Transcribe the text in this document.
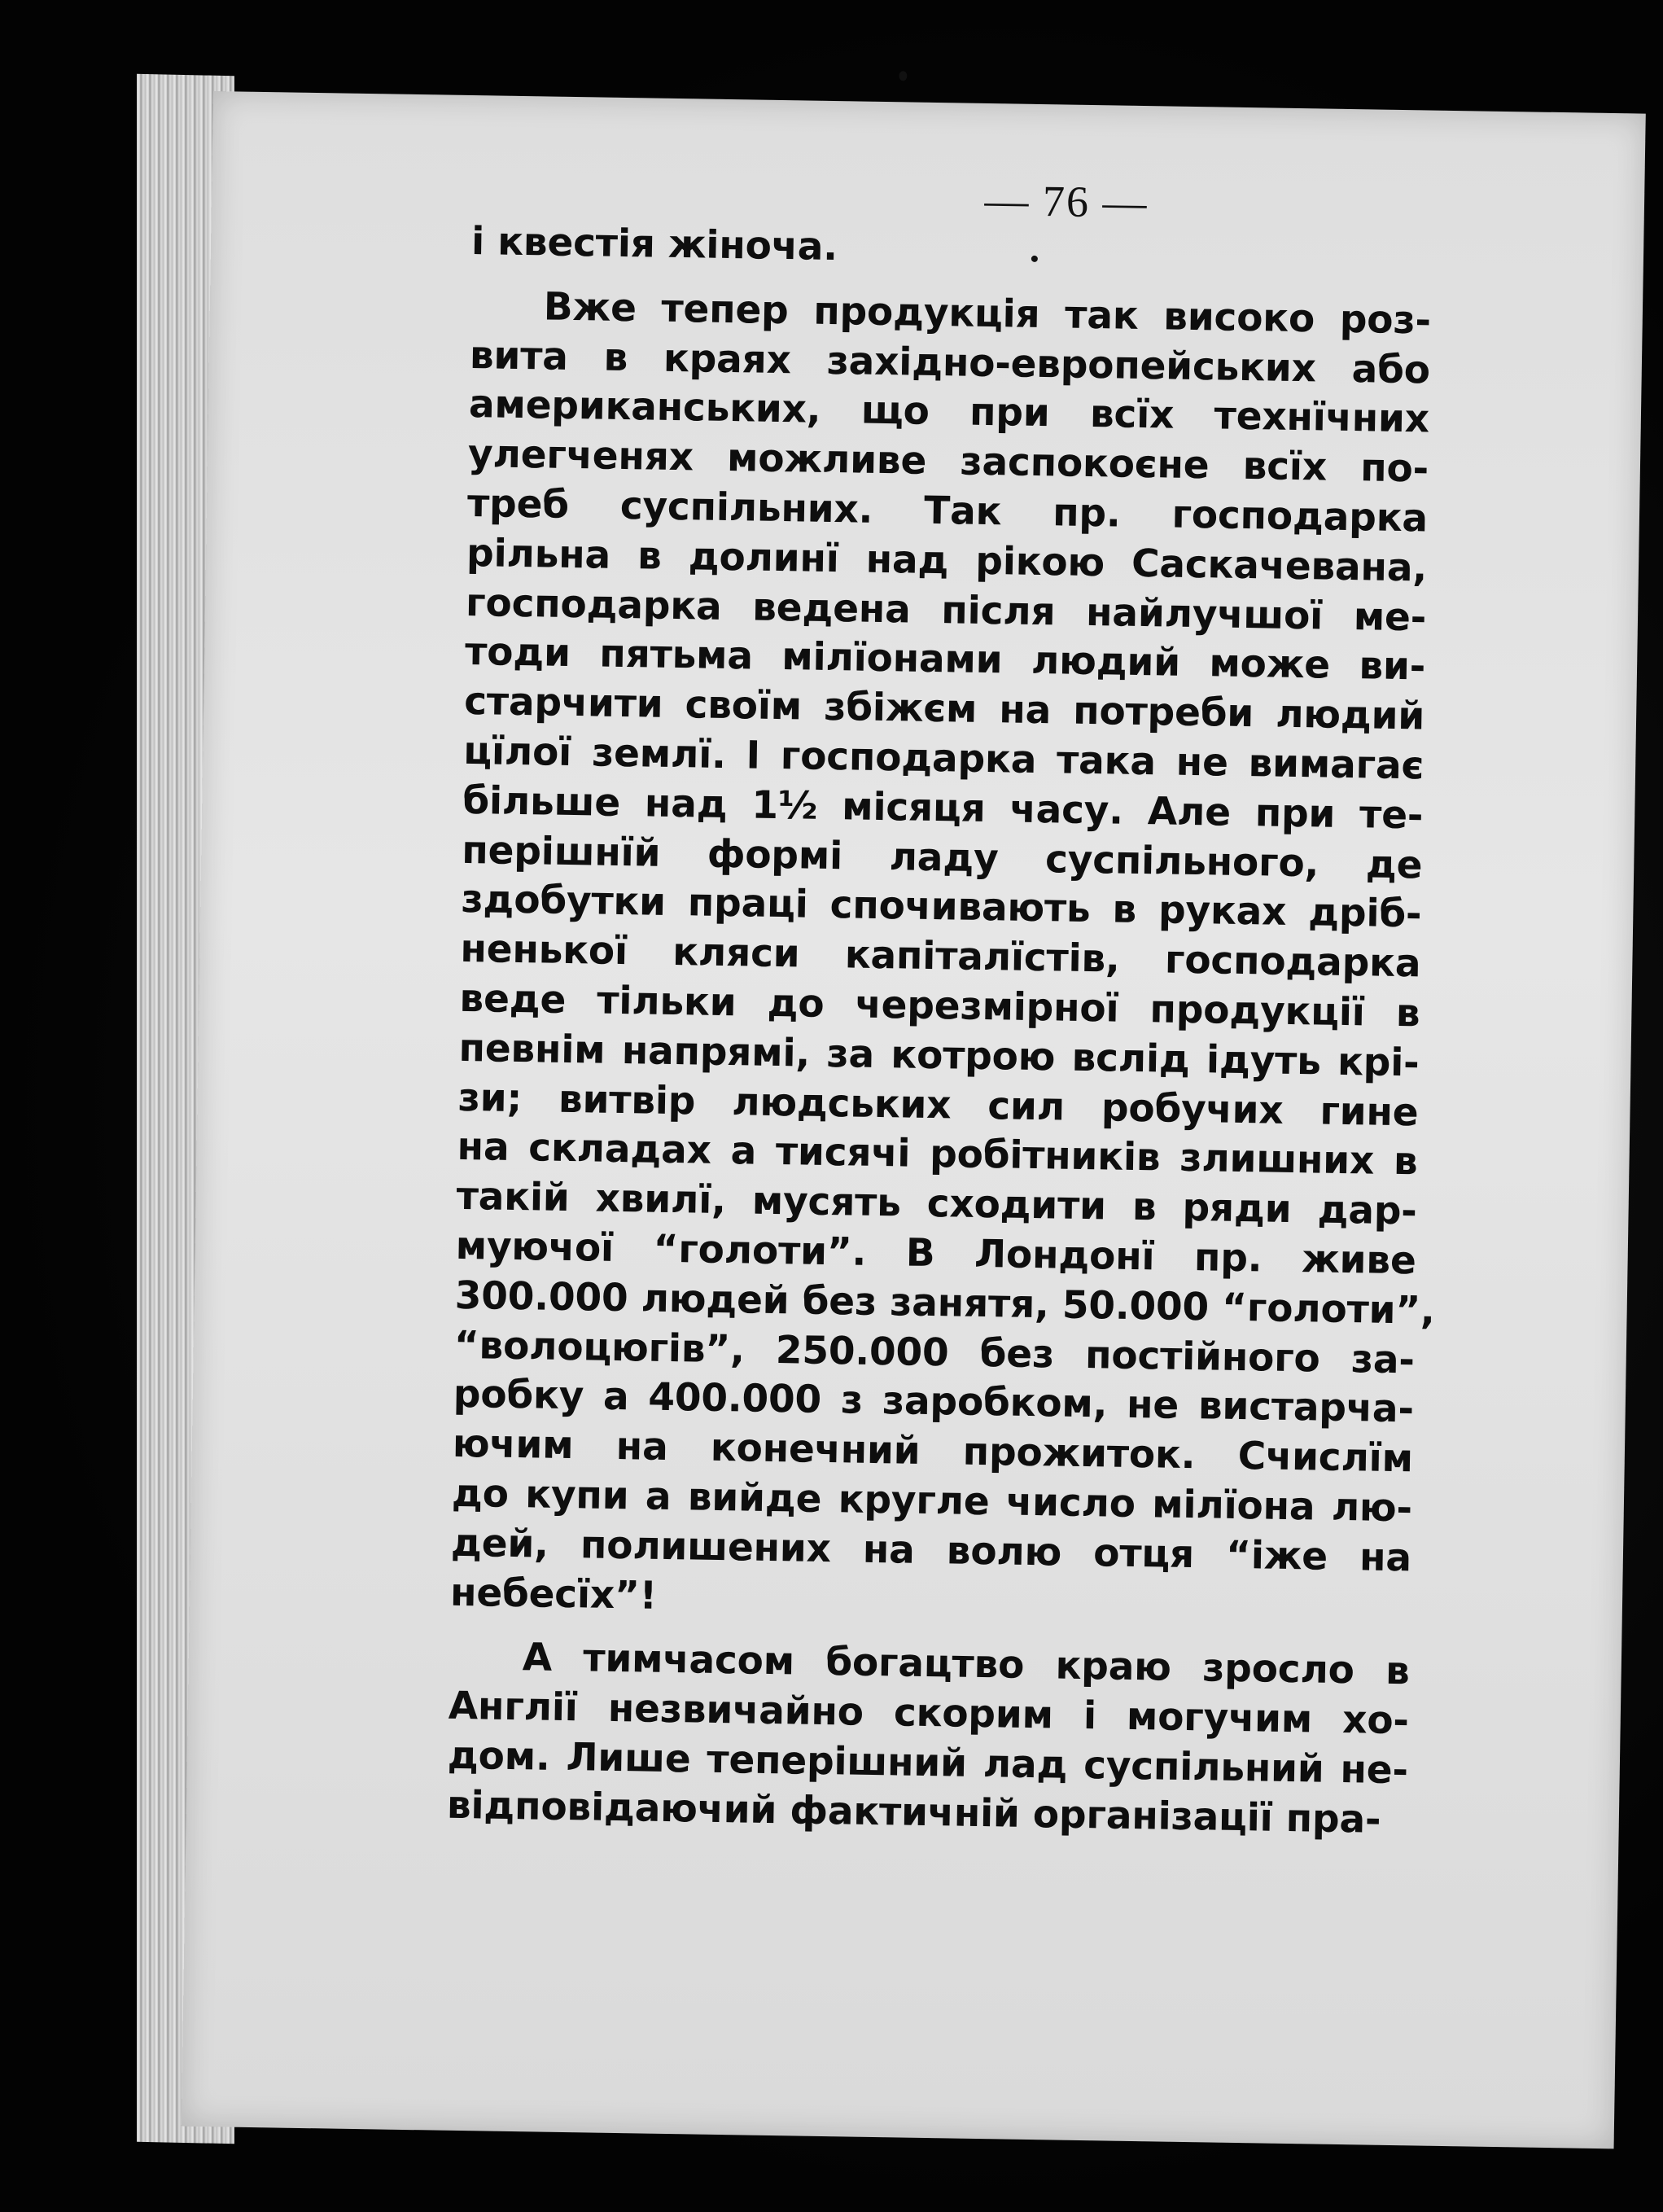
— 76 —
і квестія жіноча.
Вже тепер продукція так високо роз-
вита в краях західно-европейських або
американських, що при всїх технїчних
улегченях можливе заспокоєне всїх по-
треб суспільних. Так пр. господарка
рільна в долинї над рікою Саскачевана,
господарка ведена після найлучшої ме-
тоди пятьма мілїонами людий може ви-
старчити своїм збіжєм на потреби людий
цїлої землї. І господарка така не вимагає
більше над 1½ місяця часу. Але при те-
перішнїй формі ладу суспільного, де
здобутки праці спочивають в руках дріб-
ненької кляси капіталїстів, господарка
веде тільки до черезмірної продукції в
певнім напрямі, за котрою вслід ідуть крі-
зи; витвір людських сил робучих гине
на складах а тисячі робітників злишних в
такій хвилї, мусять сходити в ряди дар-
муючої “голоти”. В Лондонї пр. живе
300.000 людей без занятя, 50.000 “голоти”,
“волоцюгів”, 250.000 без постійного за-
робку а 400.000 з заробком, не вистарча-
ючим на конечний прожиток. Счислїм
до купи а вийде кругле число мілїона лю-
дей, полишених на волю отця “іже на
небесїх”!
А тимчасом богацтво краю зросло в
Англії незвичайно скорим і могучим хо-
дом. Лише теперішний лад суспільний не-
відповідаючий фактичній організації пра-
